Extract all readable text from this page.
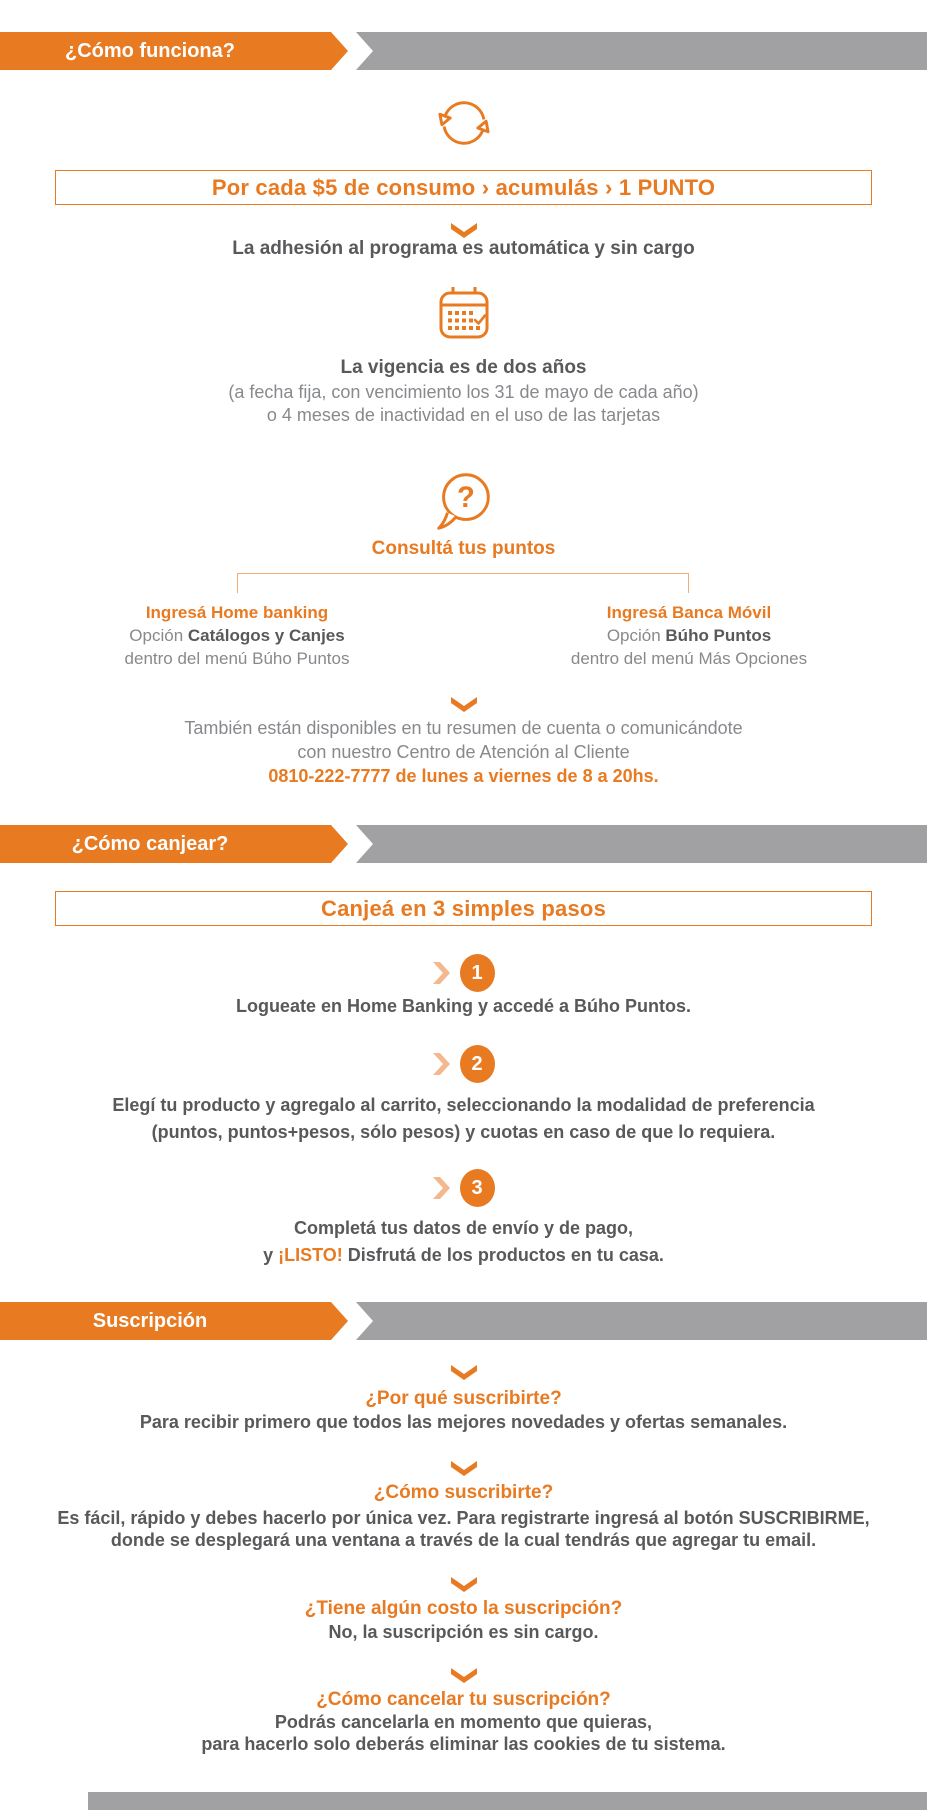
¿Cómo funciona?
Por cada $5 de consumo › acumulás › 1 PUNTO
La adhesión al programa es automática y sin cargo
La vigencia es de dos años
(a fecha fija, con vencimiento los 31 de mayo de cada año)
o 4 meses de inactividad en el uso de las tarjetas
?
Consultá tus puntos
Ingresá Home banking
Opción Catálogos y Canjes
dentro del menú Búho Puntos
Ingresá Banca Móvil
Opción Búho Puntos
dentro del menú Más Opciones
También están disponibles en tu resumen de cuenta o comunicándote
con nuestro Centro de Atención al Cliente
0810-222-7777 de lunes a viernes de 8 a 20hs.
¿Cómo canjear?
Canjeá en 3 simples pasos
1
Logueate en Home Banking y accedé a Búho Puntos.
2
Elegí tu producto y agregalo al carrito, seleccionando la modalidad de preferencia
(puntos, puntos+pesos, sólo pesos) y cuotas en caso de que lo requiera.
3
Completá tus datos de envío y de pago,
y ¡LISTO! Disfrutá de los productos en tu casa.
Suscripción
¿Por qué suscribirte?
Para recibir primero que todos las mejores novedades y ofertas semanales.
¿Cómo suscribirte?
Es fácil, rápido y debes hacerlo por única vez. Para registrarte ingresá al botón SUSCRIBIRME,
donde se desplegará una ventana a través de la cual tendrás que agregar tu email.
¿Tiene algún costo la suscripción?
No, la suscripción es sin cargo.
¿Cómo cancelar tu suscripción?
Podrás cancelarla en momento que quieras,
para hacerlo solo deberás eliminar las cookies de tu sistema.
